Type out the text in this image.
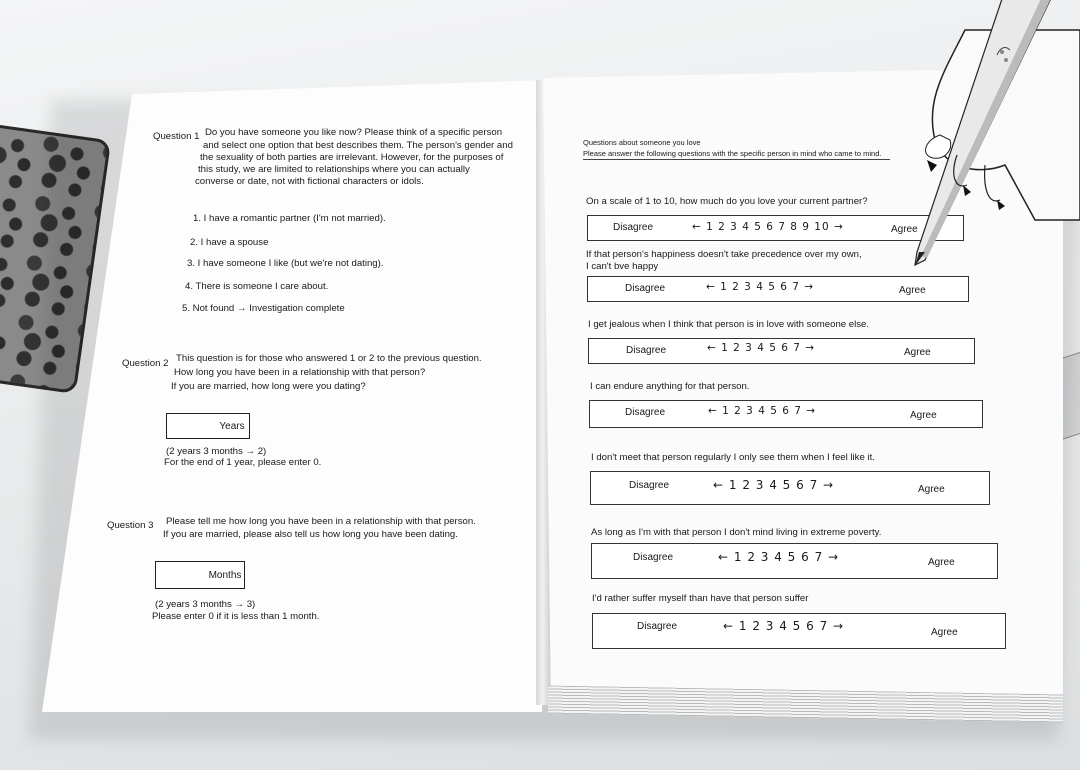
Question 1 Do you have someone you like now? Please think of a specific person
and select one option that best describes them. The person's gender and
the sexuality of both parties are irrelevant. However, for the purposes of
this study, we are limited to relationships where you can actually
converse or date, not with fictional characters or idols.
1. I have a romantic partner (I'm not married).
2. I have a spouse
3. I have someone I like (but we're not dating).
4. There is someone I care about.
5. Not found → Investigation complete
Question 2 This question is for those who answered 1 or 2 to the previous question.
How long you have been in a relationship with that person?
If you are married, how long were you dating?
Years
(2 years 3 months → 2)
For the end of 1 year, please enter 0.
Question 3 Please tell me how long you have been in a relationship with that person.
If you are married, please also tell us how long you have been dating.
Months
(2 years 3 months → 3)
Please enter 0 if it is less than 1 month.
Questions about someone you love
Please answer the following questions with the specific person in mind who came to mind.
On a scale of 1 to 10, how much do you love your current partner?
Disagree	← 1 2 3 4 5 6 7 8 9 10 →	Agree
If that person's happiness doesn't take precedence over my own,
I can't bve happy
Disagree	← 1 2 3 4 5 6 7 →	Agree
I get jealous when I think that person is in love with someone else.
Disagree	← 1 2 3 4 5 6 7 →	Agree
I can endure anything for that person.
Disagree	← 1 2 3 4 5 6 7 →	Agree
I don't meet that person regularly I only see them when I feel like it.
Disagree	← 1 2 3 4 5 6 7 →	Agree
As long as I'm with that person I don't mind living in extreme poverty.
Disagree	← 1 2 3 4 5 6 7 →	Agree
I'd rather suffer myself than have that person suffer
Disagree	← 1 2 3 4 5 6 7 →	Agree
